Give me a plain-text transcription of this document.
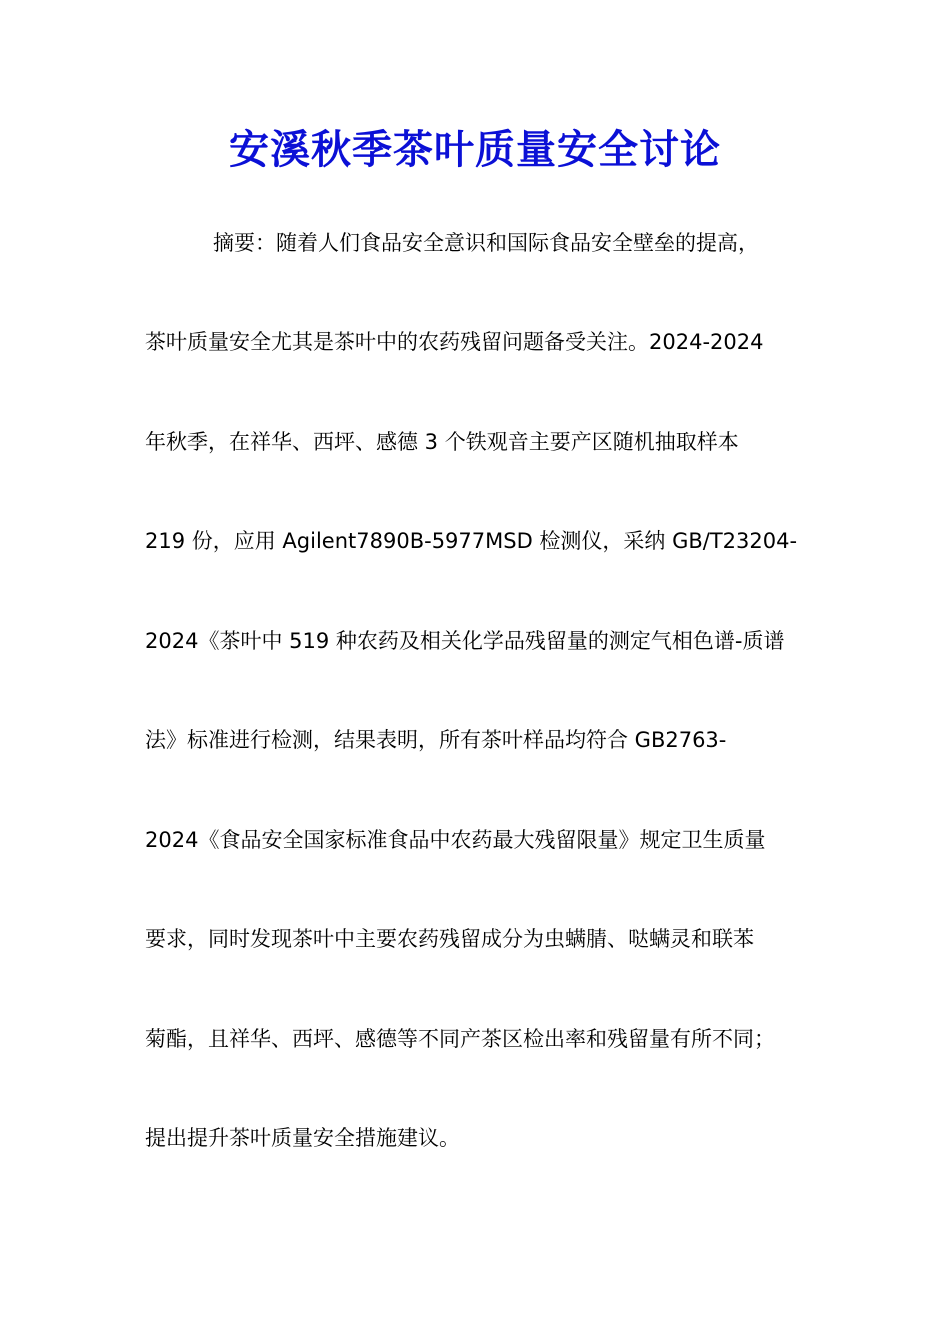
安溪秋季茶叶质量安全讨论
摘要：随着人们食品安全意识和国际食品安全壁垒的提高，
茶叶质量安全尤其是茶叶中的农药残留问题备受关注。2024-2024
年秋季，在祥华、西坪、感德 3 个铁观音主要产区随机抽取样本
219 份，应用 Agilent7890B-5977MSD 检测仪，采纳 GB/T23204-
2024《茶叶中 519 种农药及相关化学品残留量的测定气相色谱-质谱
法》标准进行检测，结果表明，所有茶叶样品均符合 GB2763-
2024《食品安全国家标准食品中农药最大残留限量》规定卫生质量
要求，同时发现茶叶中主要农药残留成分为虫螨腈、哒螨灵和联苯
菊酯，且祥华、西坪、感德等不同产茶区检出率和残留量有所不同；
提出提升茶叶质量安全措施建议。
